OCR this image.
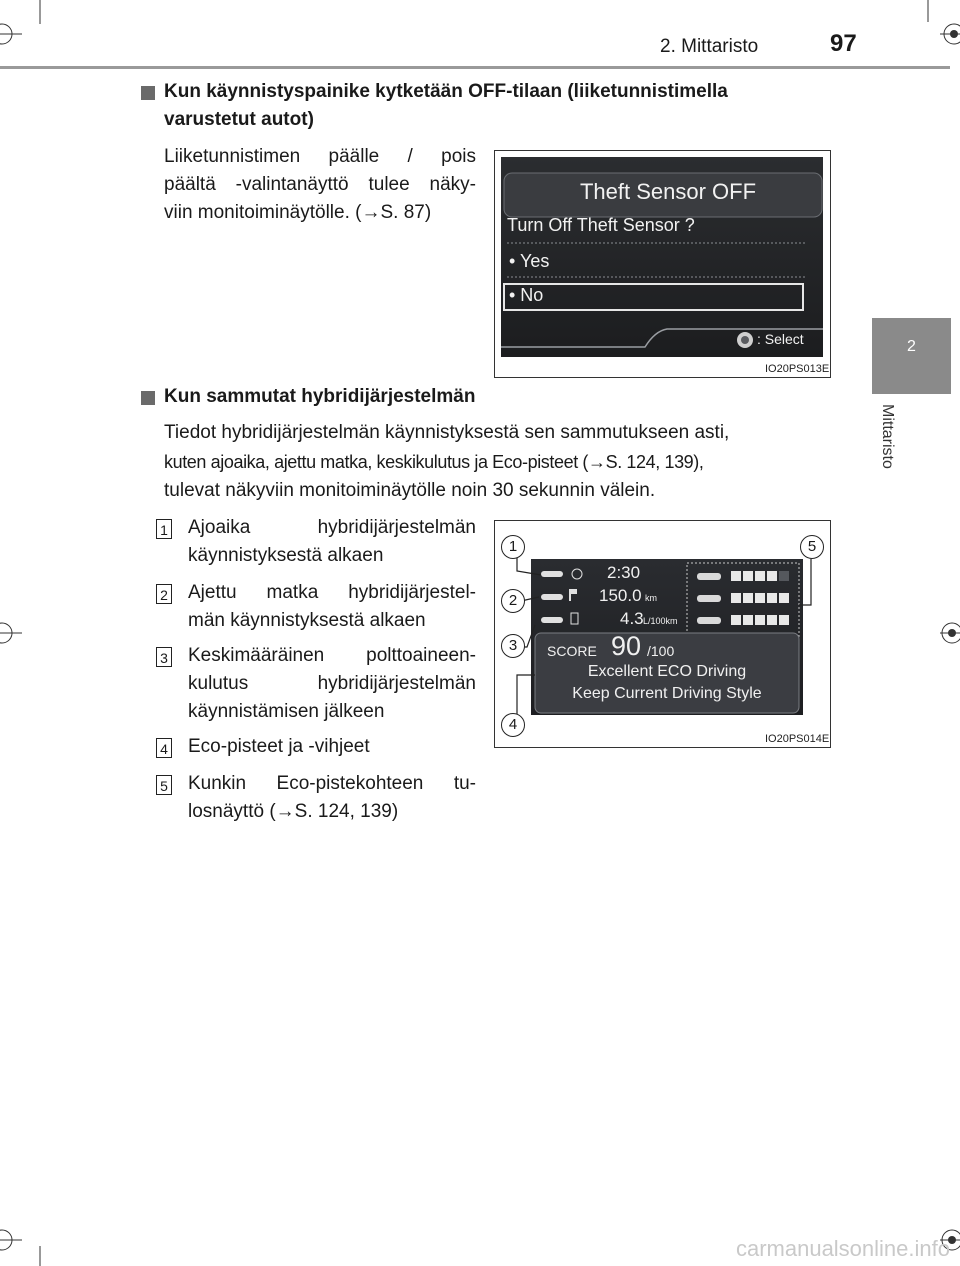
2. Mittaristo	97
2
Mittaristo
Kun käynnistyspainike kytketään OFF-tilaan (liiketunnistimella
varustetut autot)
Liiketunnistimen päälle / pois
päältä -valintanäyttö tulee näky-
viin monitoiminäytölle. (→S. 87)
Theft Sensor OFF
Turn Off Theft Sensor ?
• Yes
• No
: Select
IO20PS013E
Kun sammutat hybridijärjestelmän
Tiedot hybridijärjestelmän käynnistyksestä sen sammutukseen asti,
kuten ajoaika, ajettu matka, keskikulutus ja Eco-pisteet (→S. 124, 139),
tulevat näkyviin monitoiminäytölle noin 30 sekunnin välein.
1 Ajoaika hybridijärjestelmän
käynnistyksestä alkaen
2 Ajettu matka hybridijärjestel-
män käynnistyksestä alkaen
3 Keskimääräinen polttoaineen-
kulutus hybridijärjestelmän
käynnistämisen jälkeen
4 Eco-pisteet ja -vihjeet
5 Kunkin Eco-pistekohteen tu-
losnäyttö (→S. 124, 139)
1
2
3
4
5
2:30
150.0 km
4.3 L/100km
SCORE 90 /100
Excellent ECO Driving
Keep Current Driving Style
IO20PS014E
carmanualsonline.info
